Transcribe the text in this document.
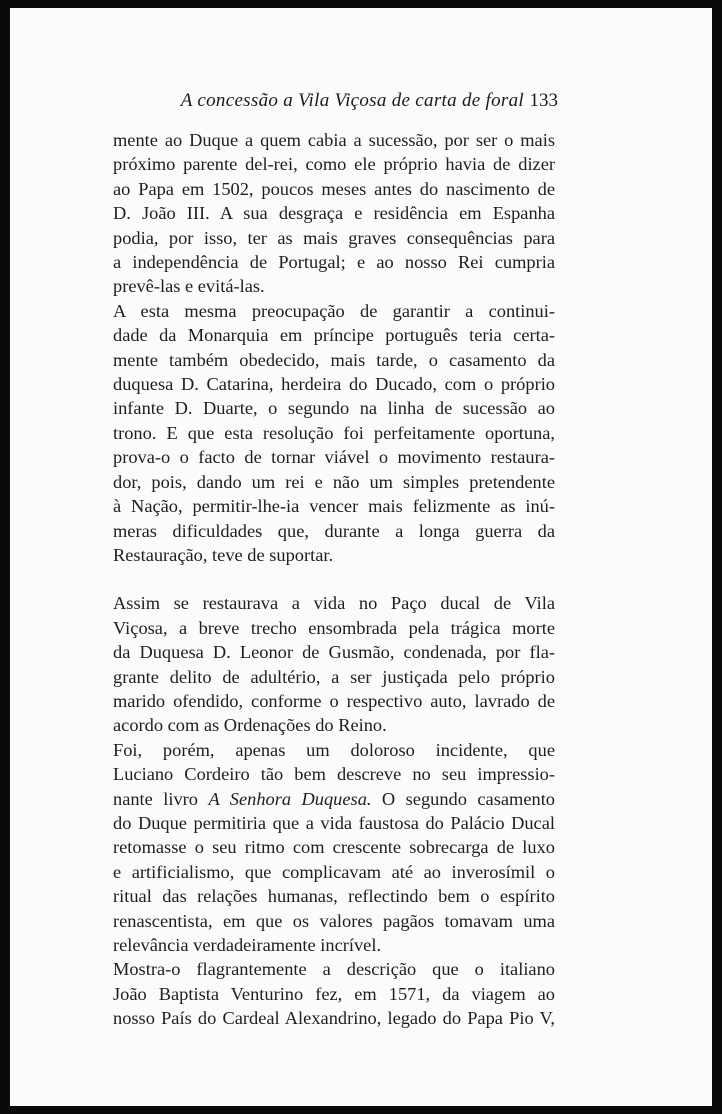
A concessão a Vila Viçosa de carta de foral 133

mente ao Duque a quem cabia a sucessão, por ser o mais
próximo parente del-rei, como ele próprio havia de dizer
ao Papa em 1502, poucos meses antes do nascimento de
D. João III. A sua desgraça e residência em Espanha
podia, por isso, ter as mais graves consequências para
a independência de Portugal; e ao nosso Rei cumpria
prevê-las e evitá-las.

A esta mesma preocupação de garantir a continui-
dade da Monarquia em príncipe português teria certa-
mente também obedecido, mais tarde, o casamento da
duquesa D. Catarina, herdeira do Ducado, com o próprio
infante D. Duarte, o segundo na linha de sucessão ao
trono. E que esta resolução foi perfeitamente oportuna,
prova-o o facto de tornar viável o movimento restaura-
dor, pois, dando um rei e não um simples pretendente
à Nação, permitir-lhe-ia vencer mais felizmente as inú-
meras dificuldades que, durante a longa guerra da
Restauração, teve de suportar.

Assim se restaurava a vida no Paço ducal de Vila
Viçosa, a breve trecho ensombrada pela trágica morte
da Duquesa D. Leonor de Gusmão, condenada, por fla-
grante delito de adultério, a ser justiçada pelo próprio
marido ofendido, conforme o respectivo auto, lavrado de
acordo com as Ordenações do Reino.

Foi, porém, apenas um doloroso incidente, que
Luciano Cordeiro tão bem descreve no seu impressio-
nante livro A Senhora Duquesa. O segundo casamento
do Duque permitiria que a vida faustosa do Palácio Ducal
retomasse o seu ritmo com crescente sobrecarga de luxo
e artificialismo, que complicavam até ao inverosímil o
ritual das relações humanas, reflectindo bem o espírito
renascentista, em que os valores pagãos tomavam uma
relevância verdadeiramente incrível.

Mostra-o flagrantemente a descrição que o italiano
João Baptista Venturino fez, em 1571, da viagem ao
nosso País do Cardeal Alexandrino, legado do Papa Pio V,
